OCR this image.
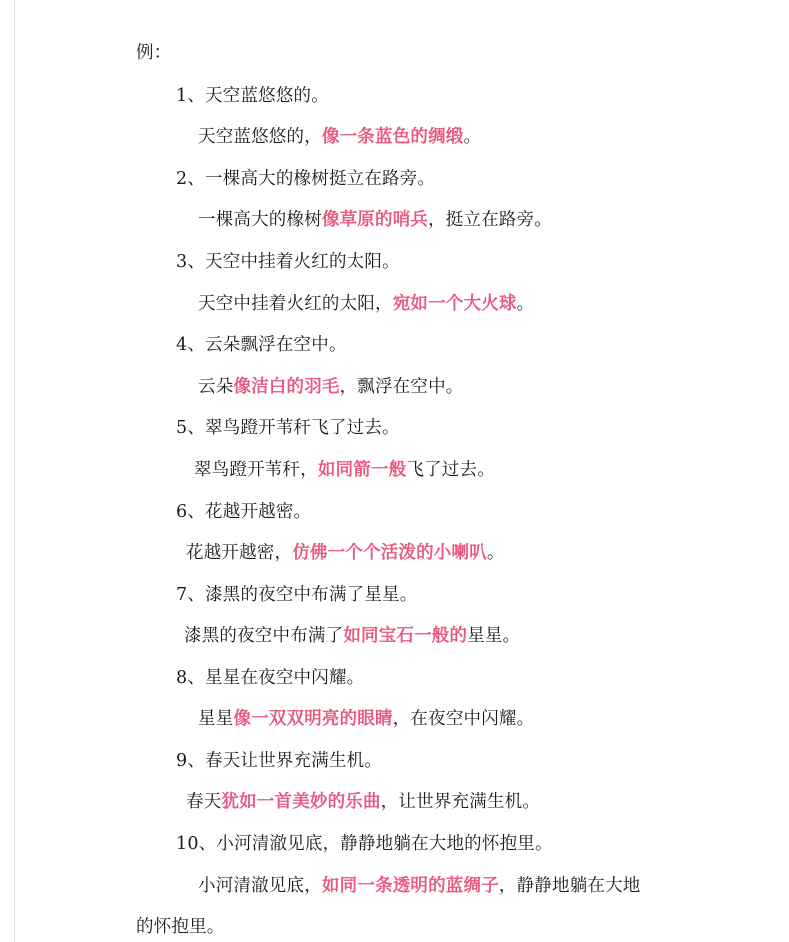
例：
1、天空蓝悠悠的。
天空蓝悠悠的，像一条蓝色的绸缎。
2、一棵高大的橡树挺立在路旁。
一棵高大的橡树像草原的哨兵，挺立在路旁。
3、天空中挂着火红的太阳。
天空中挂着火红的太阳，宛如一个大火球。
4、云朵飘浮在空中。
云朵像洁白的羽毛，飘浮在空中。
5、翠鸟蹬开苇秆飞了过去。
翠鸟蹬开苇秆，如同箭一般飞了过去。
6、花越开越密。
花越开越密，仿佛一个个活泼的小喇叭。
7、漆黑的夜空中布满了星星。
漆黑的夜空中布满了如同宝石一般的星星。
8、星星在夜空中闪耀。
星星像一双双明亮的眼睛，在夜空中闪耀。
9、春天让世界充满生机。
春天犹如一首美妙的乐曲，让世界充满生机。
10、小河清澈见底，静静地躺在大地的怀抱里。
小河清澈见底，如同一条透明的蓝绸子，静静地躺在大地
的怀抱里。
